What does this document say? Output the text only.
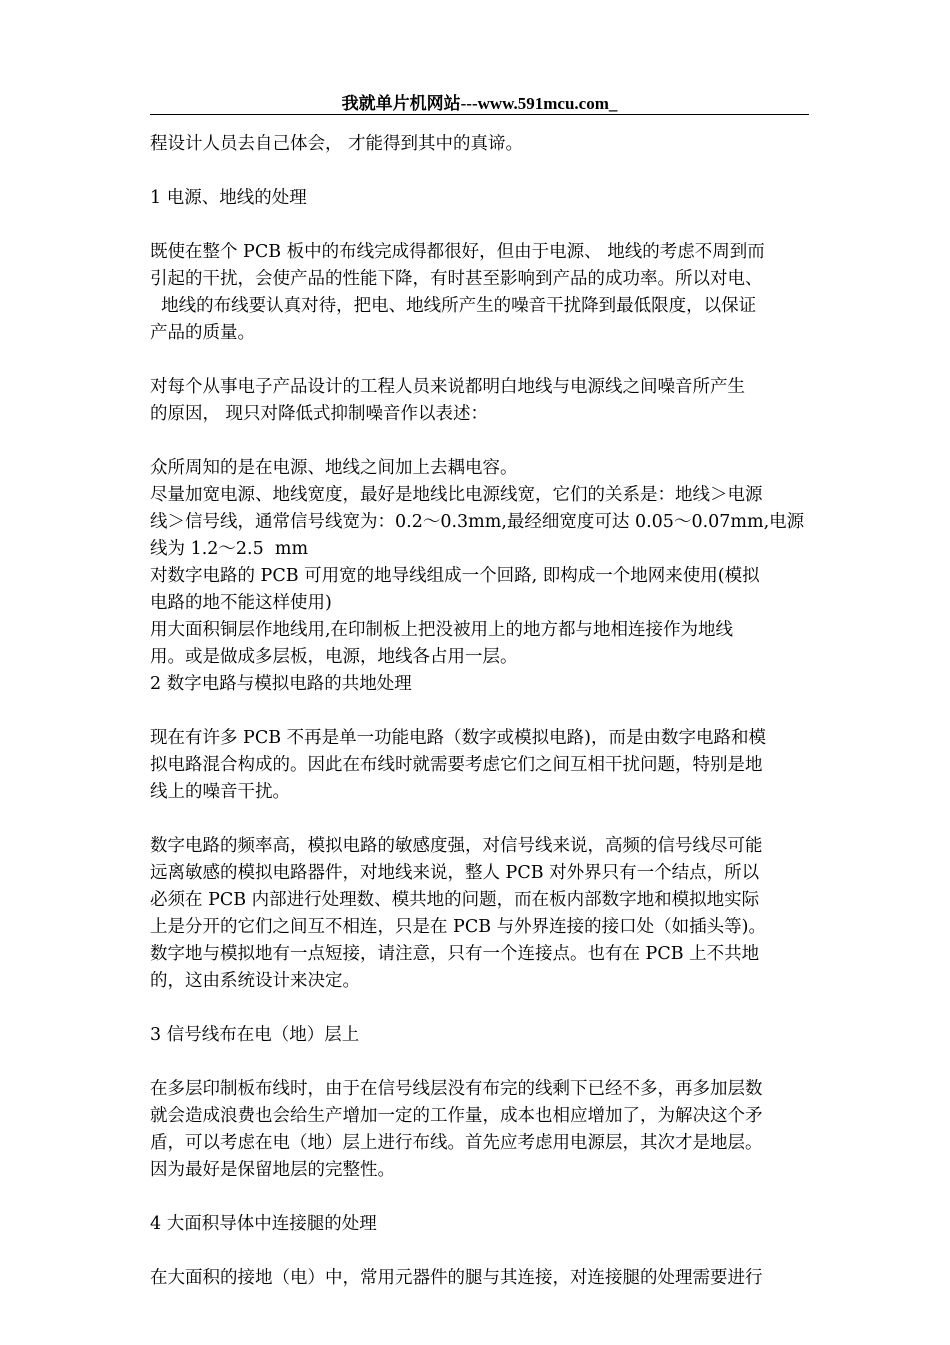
我就单片机网站---www.591mcu.com_

程设计人员去自己体会， 才能得到其中的真谛。

1 电源、地线的处理

既使在整个 PCB 板中的布线完成得都很好，但由于电源、 地线的考虑不周到而

引起的干扰，会使产品的性能下降，有时甚至影响到产品的成功率。所以对电、

地线的布线要认真对待，把电、地线所产生的噪音干扰降到最低限度，以保证

产品的质量。

对每个从事电子产品设计的工程人员来说都明白地线与电源线之间噪音所产生

的原因， 现只对降低式抑制噪音作以表述：

众所周知的是在电源、地线之间加上去耦电容。

尽量加宽电源、地线宽度，最好是地线比电源线宽，它们的关系是：地线＞电源

线＞信号线，通常信号线宽为：0.2～0.3mm,最经细宽度可达 0.05～0.07mm,电源

线为 1.2～2.5  mm

对数字电路的 PCB 可用宽的地导线组成一个回路, 即构成一个地网来使用(模拟

电路的地不能这样使用)

用大面积铜层作地线用,在印制板上把没被用上的地方都与地相连接作为地线

用。或是做成多层板，电源，地线各占用一层。

2 数字电路与模拟电路的共地处理

现在有许多 PCB 不再是单一功能电路（数字或模拟电路)，而是由数字电路和模

拟电路混合构成的。因此在布线时就需要考虑它们之间互相干扰问题，特别是地

线上的噪音干扰。

数字电路的频率高，模拟电路的敏感度强，对信号线来说，高频的信号线尽可能

远离敏感的模拟电路器件，对地线来说，整人 PCB 对外界只有一个结点，所以

必须在 PCB 内部进行处理数、模共地的问题，而在板内部数字地和模拟地实际

上是分开的它们之间互不相连，只是在 PCB 与外界连接的接口处（如插头等)。

数字地与模拟地有一点短接，请注意，只有一个连接点。也有在 PCB 上不共地

的，这由系统设计来决定。

3 信号线布在电（地）层上

在多层印制板布线时，由于在信号线层没有布完的线剩下已经不多，再多加层数

就会造成浪费也会给生产增加一定的工作量，成本也相应增加了，为解决这个矛

盾，可以考虑在电（地）层上进行布线。首先应考虑用电源层，其次才是地层。

因为最好是保留地层的完整性。

4 大面积导体中连接腿的处理

在大面积的接地（电）中，常用元器件的腿与其连接，对连接腿的处理需要进行
